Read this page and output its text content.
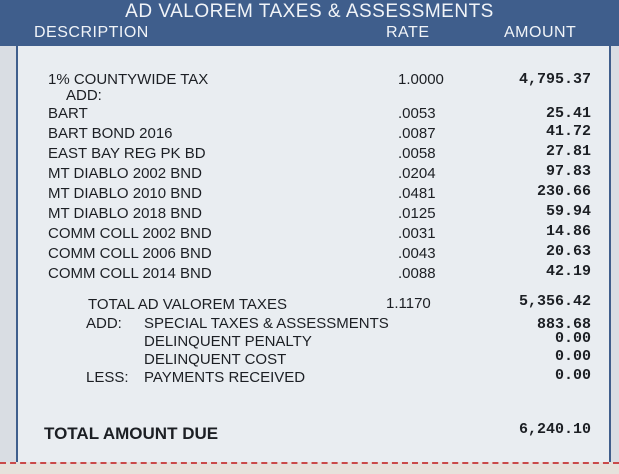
AD VALOREM TAXES & ASSESSMENTS
DESCRIPTION	RATE	AMOUNT
1% COUNTYWIDE TAX	1.0000	4,795.37
ADD:
BART	.0053	25.41
BART BOND 2016	.0087	41.72
EAST BAY REG PK BD	.0058	27.81
MT DIABLO 2002 BND	.0204	97.83
MT DIABLO 2010 BND	.0481	230.66
MT DIABLO 2018 BND	.0125	59.94
COMM COLL 2002 BND	.0031	14.86
COMM COLL 2006 BND	.0043	20.63
COMM COLL 2014 BND	.0088	42.19
TOTAL AD VALOREM TAXES	1.1170	5,356.42
ADD: SPECIAL TAXES & ASSESSMENTS	883.68
DELINQUENT PENALTY	0.00
DELINQUENT COST	0.00
LESS: PAYMENTS RECEIVED	0.00
TOTAL AMOUNT DUE	6,240.10
